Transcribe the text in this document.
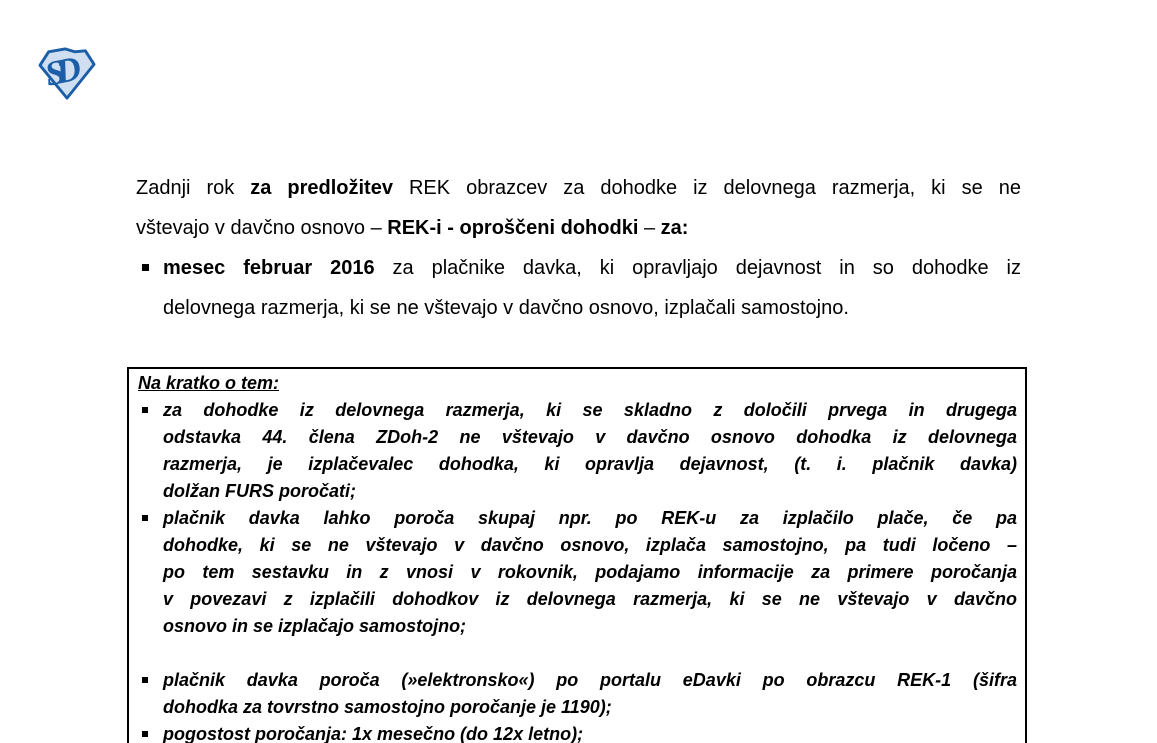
SD
Zadnji rok za predložitev REK obrazcev za dohodke iz delovnega razmerja, ki se ne
vštevajo v davčno osnovo – REK-i - oproščeni dohodki – za:
mesec februar 2016 za plačnike davka, ki opravljajo dejavnost in so dohodke iz
delovnega razmerja, ki se ne vštevajo v davčno osnovo, izplačali samostojno.
Na kratko o tem:
za dohodke iz delovnega razmerja, ki se skladno z določili prvega in drugega
odstavka 44. člena ZDoh-2 ne vštevajo v davčno osnovo dohodka iz delovnega
razmerja, je izplačevalec dohodka, ki opravlja dejavnost, (t. i. plačnik davka)
dolžan FURS poročati;
plačnik davka lahko poroča skupaj npr. po REK-u za izplačilo plače, če pa
dohodke, ki se ne vštevajo v davčno osnovo, izplača samostojno, pa tudi ločeno –
po tem sestavku in z vnosi v rokovnik, podajamo informacije za primere poročanja
v povezavi z izplačili dohodkov iz delovnega razmerja, ki se ne vštevajo v davčno
osnovo in se izplačajo samostojno;
plačnik davka poroča (»elektronsko«) po portalu eDavki po obrazcu REK-1 (šifra
dohodka za tovrstno samostojno poročanje je 1190);
pogostost poročanja: 1x mesečno (do 12x letno);
